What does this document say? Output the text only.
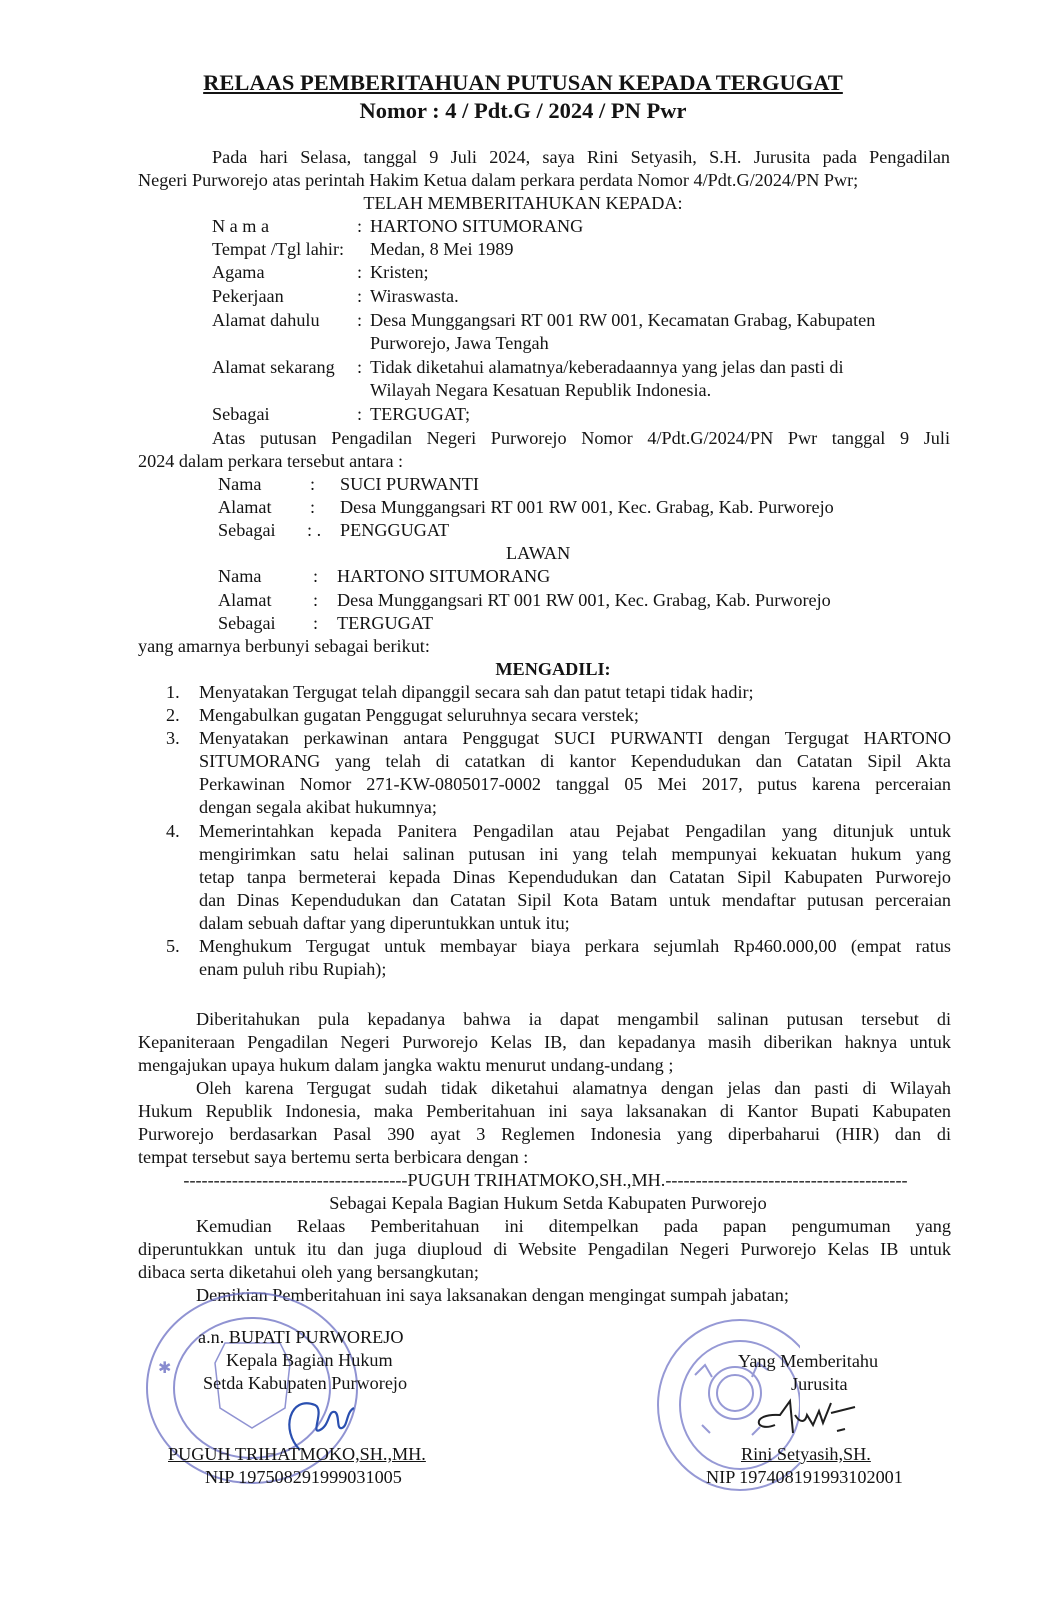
RELAAS PEMBERITAHUAN PUTUSAN KEPADA TERGUGAT
Nomor : 4 / Pdt.G / 2024 / PN Pwr
Pada hari Selasa, tanggal 9 Juli 2024, saya Rini Setyasih, S.H. Jurusita pada Pengadilan
Negeri Purworejo atas perintah Hakim Ketua dalam perkara perdata Nomor 4/Pdt.G/2024/PN Pwr;
TELAH MEMBERITAHUKAN KEPADA:
N a m a	: HARTONO SITUMORANG
Tempat /Tgl lahir: Medan, 8 Mei 1989
Agama	: Kristen;
Pekerjaan	: Wiraswasta.
Alamat dahulu : Desa Munggangsari RT 001 RW 001, Kecamatan Grabag, Kabupaten
Purworejo, Jawa Tengah
Alamat sekarang : Tidak diketahui alamatnya/keberadaannya yang jelas dan pasti di
Wilayah Negara Kesatuan Republik Indonesia.
Sebagai	: TERGUGAT;
Atas putusan Pengadilan Negeri Purworejo Nomor 4/Pdt.G/2024/PN Pwr tanggal 9 Juli
2024 dalam perkara tersebut antara :
Nama	: SUCI PURWANTI
Alamat : Desa Munggangsari RT 001 RW 001, Kec. Grabag, Kab. Purworejo
Sebagai : . PENGGUGAT
LAWAN
Nama	: HARTONO SITUMORANG
Alamat : Desa Munggangsari RT 001 RW 001, Kec. Grabag, Kab. Purworejo
Sebagai : TERGUGAT
yang amarnya berbunyi sebagai berikut:
MENGADILI:
1. Menyatakan Tergugat telah dipanggil secara sah dan patut tetapi tidak hadir;
2. Mengabulkan gugatan Penggugat seluruhnya secara verstek;
3. Menyatakan perkawinan antara Penggugat SUCI PURWANTI dengan Tergugat HARTONO
SITUMORANG yang telah di catatkan di kantor Kependudukan dan Catatan Sipil Akta
Perkawinan Nomor 271-KW-0805017-0002 tanggal 05 Mei 2017, putus karena perceraian
dengan segala akibat hukumnya;
4. Memerintahkan kepada Panitera Pengadilan atau Pejabat Pengadilan yang ditunjuk untuk
mengirimkan satu helai salinan putusan ini yang telah mempunyai kekuatan hukum yang
tetap tanpa bermeterai kepada Dinas Kependudukan dan Catatan Sipil Kabupaten Purworejo
dan Dinas Kependudukan dan Catatan Sipil Kota Batam untuk mendaftar putusan perceraian
dalam sebuah daftar yang diperuntukkan untuk itu;
5. Menghukum Tergugat untuk membayar biaya perkara sejumlah Rp460.000,00 (empat ratus
enam puluh ribu Rupiah);
Diberitahukan pula kepadanya bahwa ia dapat mengambil salinan putusan tersebut di
Kepaniteraan Pengadilan Negeri Purworejo Kelas IB, dan kepadanya masih diberikan haknya untuk
mengajukan upaya hukum dalam jangka waktu menurut undang-undang ;
Oleh karena Tergugat sudah tidak diketahui alamatnya dengan jelas dan pasti di Wilayah
Hukum Republik Indonesia, maka Pemberitahuan ini saya laksanakan di Kantor Bupati Kabupaten
Purworejo berdasarkan Pasal 390 ayat 3 Reglemen Indonesia yang diperbaharui (HIR) dan di
tempat tersebut saya bertemu serta berbicara dengan :
-------------------------------------PUGUH TRIHATMOKO,SH.,MH.----------------------------------------
Sebagai Kepala Bagian Hukum Setda Kabupaten Purworejo
Kemudian Relaas Pemberitahuan ini ditempelkan pada papan pengumuman yang
diperuntukkan untuk itu dan juga diuploud di Website Pengadilan Negeri Purworejo Kelas IB untuk
dibaca serta diketahui oleh yang bersangkutan;
Demikian Pemberitahuan ini saya laksanakan dengan mengingat sumpah jabatan;
✱
a.n. BUPATI PURWOREJO
Kepala Bagian Hukum
Setda Kabupaten Purworejo
PUGUH TRIHATMOKO,SH.,MH.
NIP 197508291999031005
Yang Memberitahu
Jurusita
Rini Setyasih,SH.
NIP 197408191993102001
